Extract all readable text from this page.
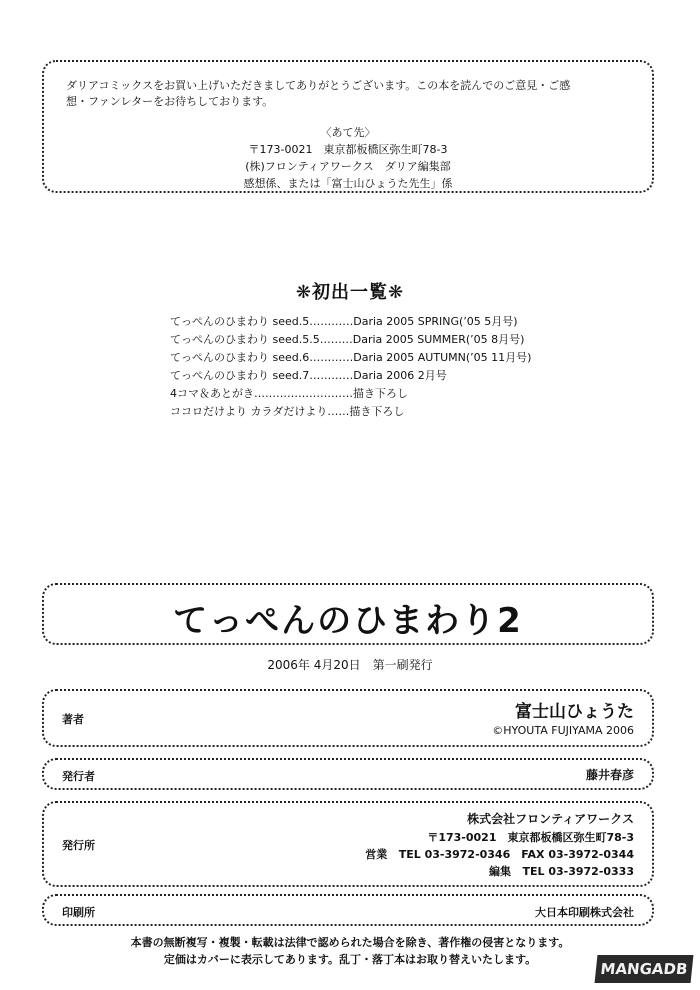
ダリアコミックスをお買い上げいただきましてありがとうございます。この本を読んでのご意見・ご感
想・ファンレターをお待ちしております。
〈あて先〉
〒173-0021　東京都板橋区弥生町78-3
(株)フロンティアワークス　ダリア編集部
感想係、または「富士山ひょうた先生」係
❋初出一覧❋
てっぺんのひまわり seed.5 ………… Daria 2005 SPRING(’05 5月号)
てっぺんのひまわり seed.5.5 ……… Daria 2005 SUMMER(’05 8月号)
てっぺんのひまわり seed.6 ………… Daria 2005 AUTUMN(’05 11月号)
てっぺんのひまわり seed.7 ………… Daria 2006 2月号
4コマ＆あとがき ……………………… 描き下ろし
ココロだけより カラダだけより …… 描き下ろし
てっぺんのひまわり2
2006年 4月20日　第一刷発行
著者	富士山ひょうた
©HYOUTA FUJIYAMA 2006
発行者	藤井春彦
発行所
株式会社フロンティアワークス
〒173-0021　東京都板橋区弥生町78-3
営業 TEL 03-3972-0346　FAX 03-3972-0344
編集 TEL 03-3972-0333
印刷所	大日本印刷株式会社
本書の無断複写・複製・転載は法律で認められた場合を除き、著作権の侵害となります。
定価はカバーに表示してあります。乱丁・落丁本はお取り替えいたします。
MANGADB
